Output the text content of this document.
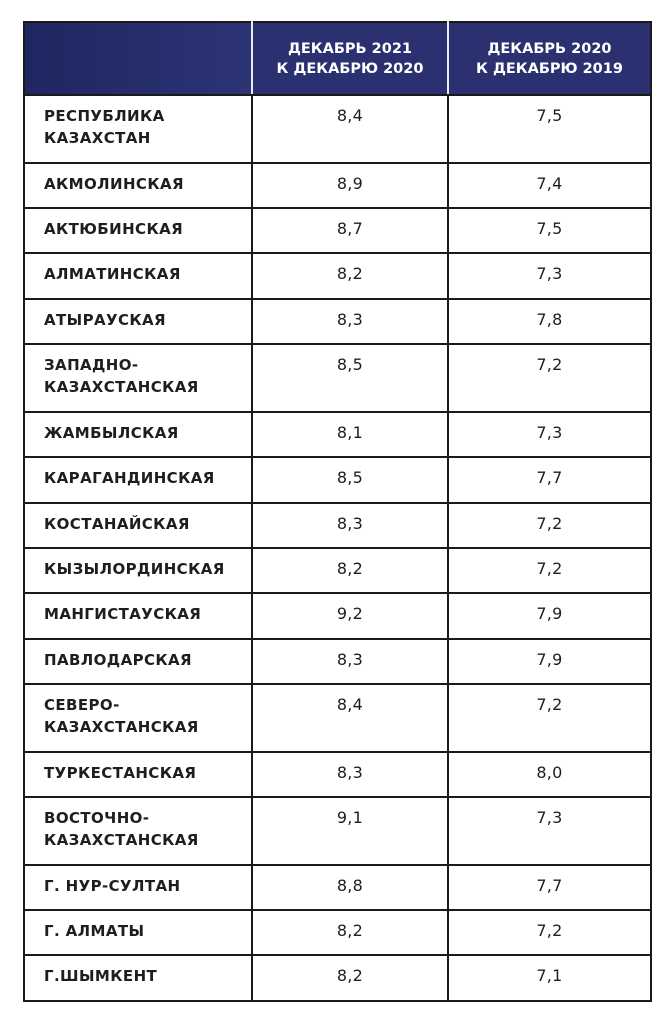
	ДЕКАБРЬ 2021
К ДЕКАБРЮ 2020	ДЕКАБРЬ 2020
К ДЕКАБРЮ 2019

РЕСПУБЛИКА
КАЗАХСТАН	8,4	7,5

АКМОЛИНСКАЯ	8,9	7,4

АКТЮБИНСКАЯ	8,7	7,5

АЛМАТИНСКАЯ	8,2	7,3

АТЫРАУСКАЯ	8,3	7,8

ЗАПАДНО-
КАЗАХСТАНСКАЯ	8,5	7,2

ЖАМБЫЛСКАЯ	8,1	7,3

КАРАГАНДИНСКАЯ	8,5	7,7

КОСТАНАЙСКАЯ	8,3	7,2

КЫЗЫЛОРДИНСКАЯ	8,2	7,2

МАНГИСТАУСКАЯ	9,2	7,9

ПАВЛОДАРСКАЯ	8,3	7,9

СЕВЕРО-
КАЗАХСТАНСКАЯ	8,4	7,2

ТУРКЕСТАНСКАЯ	8,3	8,0

ВОСТОЧНО-
КАЗАХСТАНСКАЯ	9,1	7,3

Г. НУР-СУЛТАН	8,8	7,7

Г. АЛМАТЫ	8,2	7,2

Г.ШЫМКЕНТ	8,2	7,1
